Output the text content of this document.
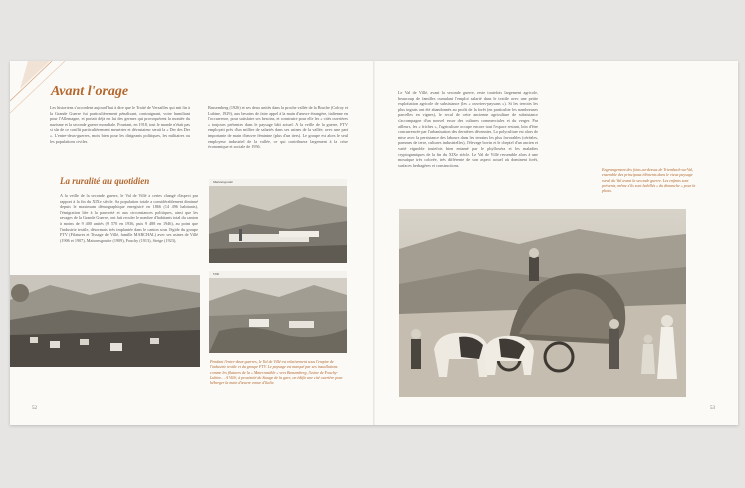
Avant l'orage

Les historiens s'accordent aujourd'hui à dire que le Traité de Versailles qui mit fin à la Grande Guerre fut particulièrement pénalisant, contraignant, voire humiliant pour l'Allemagne, et portait déjà en lui des germes qui provoquèrent la montée du nazisme et la seconde guerre mondiale. Pourtant, en 1918, tout le monde n'était pas si sûr de ce conflit particulièrement meurtrier et dévastateur serait la « Der des Der ». L'entre-deux-guerres, mois bien pour les dirigeants politiques, les militaires ou les populations civiles.

La ruralité au quotidien

A la veille de la seconde guerre, le Val de Villé a certes changé d'aspect par rapport à la fin du XIXe siècle. Sa population totale a considérablement diminué depuis le maximum démographique enregistré en 1866 (14 496 habitants), l'émigration liée à la pauvreté et aux circonstances politiques, ainsi que les ravages de la Grande Guerre, ont fait reculer le nombre d'habitants total du canton à moins de 9 400 unités (9 570 en 1936, puis 9 488 en 1946), au point que l'industrie textile, désormais très implantée dans le canton sous l'égide du groupe FTV (Filatures et Tissage de Villé, famille MARCHAL) avec ses usines de Villé (1906 et 1907), Maisonsgoutte (1909), Fouchy (1913), Steige (1923),

Bassemberg (1926) et ses deux unités dans la proche vallée de la Bruche (Colroy et Lubine, 1929), aux besoins de faire appel à la main d'œuvre étrangère, italienne en l'occurrence, pour satisfaire ses besoins, et construire pour elle les « cités ouvrières » toujours présentes dans le paysage bâti actuel. A la veille de la guerre, FTV employait près d'un millier de salariés dans ses usines de la vallée, avec une part importante de main d'œuvre féminine (plus d'un tiers). Le groupe est alors le seul employeur industriel de la vallée, ce qui contribuera largement à la crise économique et sociale de 1956.

Maisonsgoutte
Villé

Pendant l'entre-deux-guerres, le Val de Villé est relativement sous l'empire de l'industrie textile et du groupe FTV. Le paysage est marqué par ses installations comme les filatures de la « Maternmühle » vers Bassemberg, l'usine de Fouchy-Lubine… A Villé, à proximité du Stauge de la gare, on édifie une cité ouvrière pour héberger la main d'œuvre venue d'Italie.

52

Le Val de Villé, avant la seconde guerre, reste toutefois largement agricole, beaucoup de familles cumulant l'emploi salarié dans le textile avec une petite exploitation agricole de subsistance (les « ouvriers-paysans »). Si les terroirs les plus ingrats ont été abandonnés au profit de la forêt (en particulier les nombreuses parcelles en vignes), le recul de cette ancienne agriculture de subsistance s'accompagne d'un nouvel essor des cultures commerciales et du verger. Par ailleurs, les « friches », l'agriculture occupe encore tout l'espace restant, loin d'être concurrencée par l'urbanisation des dernières décennies. La polyculture est alors de mise avec la persistance des labours dans les terrains les plus favorables (céréales, pommes de terre, cultures industrielles), l'élevage bovin et le cheptel d'un ancien et varié vignoble toutefois bien entamé par le phylloxéra et les maladies cryptogamiques de la fin du XIXe siècle. Le Val de Villé ressemble alors à une mosaïque très colorée, très différente de son aspect actuel où dominent forêt, surfaces herbagères et constructions.

Engrangement des foins au-dessus de Triembach-au-Val, ensemble des principaux éléments dans le vieux paysage rural du Val avant la seconde guerre. Les enfants sont présents, même s'ils sont habillés « du dimanche » pour la photo.

53
